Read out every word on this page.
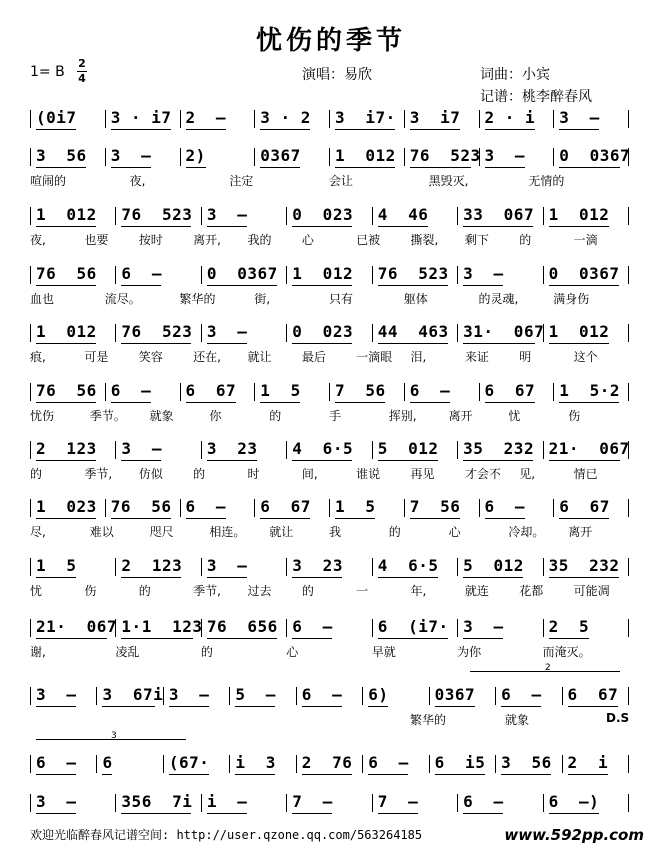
忧伤的季节
1= B
2
4	演唱：易欣	词曲：小宾
记谱：桃李醉春风
(0i7 3 · i7 2  – 3 · 2 3  i7· 3  i7 2 · i 3  –
3  56 3  – 2)	0367 1  012 76  523 3  – 0  0367
喧闹的	夜,	注定	会让	黑毁灭,	无情的
1  012 76  523 3  –	0  023 4  46 33  067 1  012
夜,	也要	按时	离开, 我的	心	已被	撕裂, 剩下	的	一滴
76  56 6  –	0  0367 1  012 76  523 3  –	0  0367
血也	流尽。	繁华的	街,	只有	躯体	的灵魂,	满身伤
1  012 76  523 3  –	0  023 44  463 31·  067 1  012
痕,	可是	笑容	还在, 就让	最后	一滴眼 泪,	来证	明	这个
76  56 6  – 6  67 1  5 7  56 6  – 6  67 1  5·2
忧伤	季节。 就象	你	的	手	挥别,	离开	忧	伤
2  123 3  –	3  23 4  6·5 5  012 35  232 21·  067
的	季节, 仿似	的	时	间,	谁说	再见	才会不 见,	情已
1  023 76  56 6  – 6  67 1  5 7  56 6  – 6  67
尽,	难以	咫尺	相连。 就让	我	的	心	冷却。 离开
1  5	2  123 3  –	3  23 4  6·5 5  012 35  232
忧	伤	的	季节, 过去	的	一	年,	就连	花都	可能凋
21·  067 1·1  123 76  656 6  –	6  (i7· 3  –	2  5
谢,	凌乱	的	心	早就	为你	而淹灭。
2
3  – 3  67i 3  – 5  – 6  – 6)	0367 6  – 6  67
繁华的	就象	D.S
3
6  – 6	(67· i  3 2  76 6  – 6  i5 3  56 2  i
3  –	356  7i i  –	7  –	7  –	6  –	6  –)
欢迎光临醉春风记谱空间: http://user.qzone.qq.com/563264185	www.592pp.com
